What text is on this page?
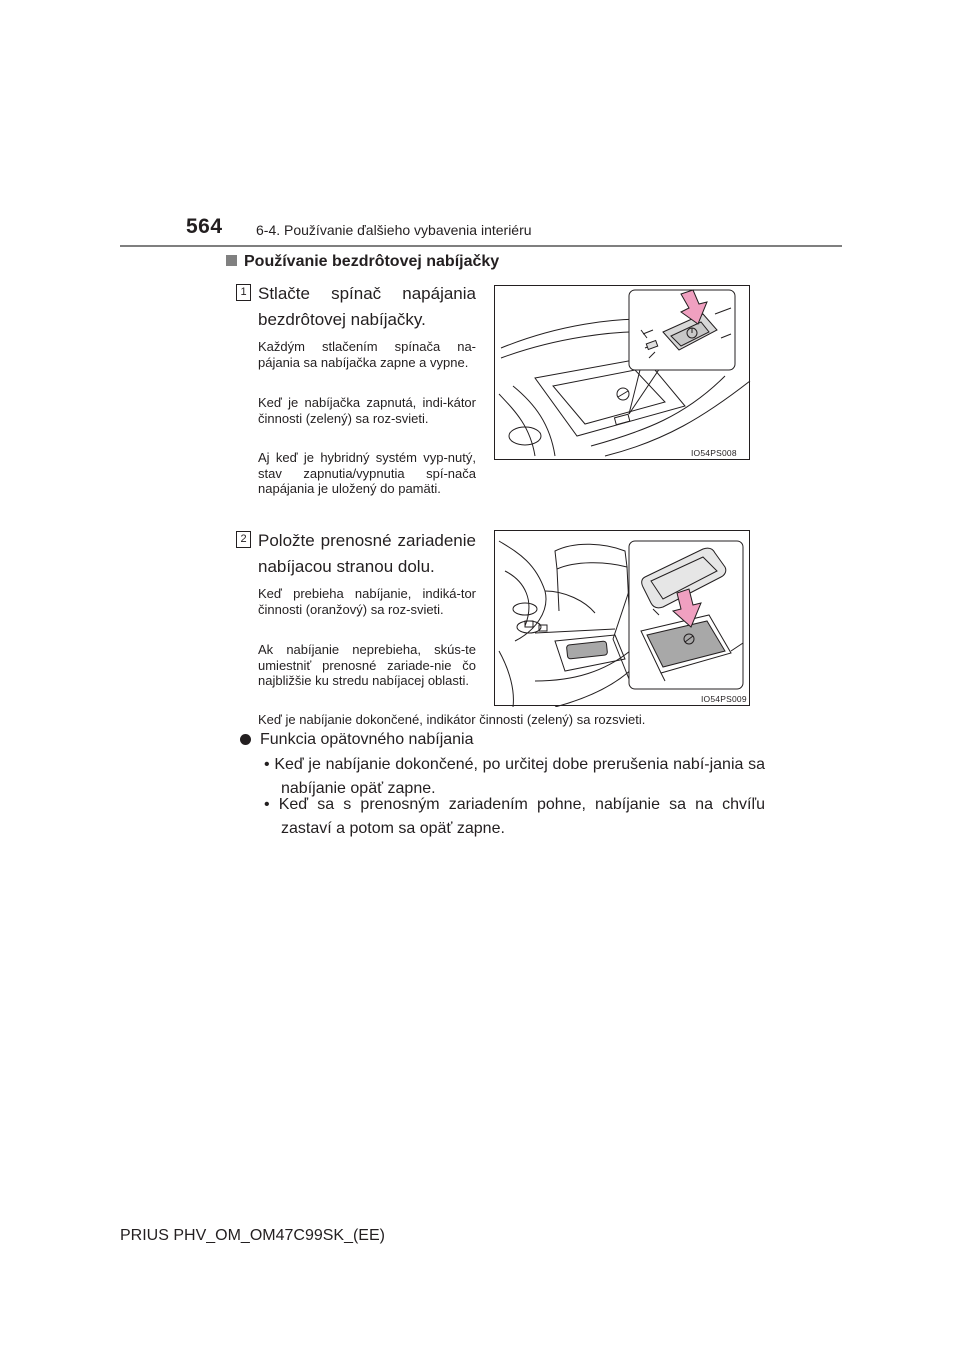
564 6-4. Používanie ďalšieho vybavenia interiéru
Používanie bezdrôtovej nabíjačky
1 Stlačte spínač napájania bezdrôtovej nabíjačky.
Každým stlačením spínača na-pájania sa nabíjačka zapne a vypne.
Keď je nabíjačka zapnutá, indi-kátor činnosti (zelený) sa roz-svieti.
Aj keď je hybridný systém vyp-nutý, stav zapnutia/vypnutia spí-nača napájania je uložený do pamäti.
IO54PS008
2 Položte prenosné zariadenie nabíjacou stranou dolu.
Keď prebieha nabíjanie, indiká-tor činnosti (oranžový) sa roz-svieti.
Ak nabíjanie neprebieha, skús-te umiestniť prenosné zariade-nie čo najbližšie ku stredu nabíjacej oblasti.
IO54PS009
Keď je nabíjanie dokončené, indikátor činnosti (zelený) sa rozsvieti.
Funkcia opätovného nabíjania
• Keď je nabíjanie dokončené, po určitej dobe prerušenia nabí-jania sa nabíjanie opäť zapne.
• Keď sa s prenosným zariadením pohne, nabíjanie sa na chvíľu zastaví a potom sa opäť zapne.
PRIUS PHV_OM_OM47C99SK_(EE)
